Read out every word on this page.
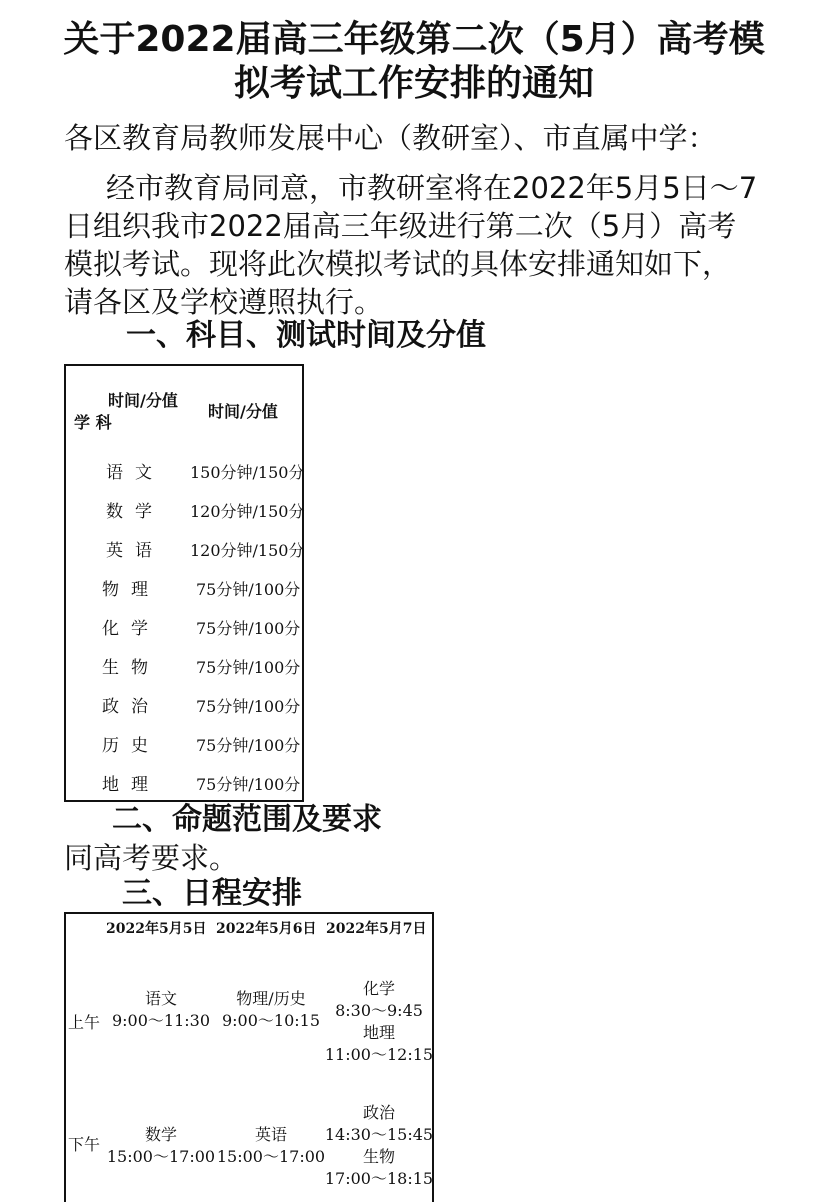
关于2022届高三年级第二次（5月）高考模
拟考试工作安排的通知
各区教育局教师发展中心（教研室）、市直属中学：
经市教育局同意，市教研室将在2022年5月5日～7
日组织我市2022届高三年级进行第二次（5月）高考
模拟考试。现将此次模拟考试的具体安排通知如下，
请各区及学校遵照执行。
一、科目、测试时间及分值
时间/分值
学 科
时间/分值
语文 150分钟/150分
数学 120分钟/150分
英语 120分钟/150分
物理 75分钟/100分
化学 75分钟/100分
生物 75分钟/100分
政治 75分钟/100分
历史 75分钟/100分
地理 75分钟/100分
二、命题范围及要求
同高考要求。
三、日程安排
2022年5月5日 2022年5月6日 2022年5月7日
上午
语文
9:00～11:30
物理/历史
9:00～10:15
化学
8:30～9:45
地理
11:00～12:15
下午
数学
15:00～17:00
英语
15:00～17:00
政治
14:30～15:45
生物
17:00～18:15
